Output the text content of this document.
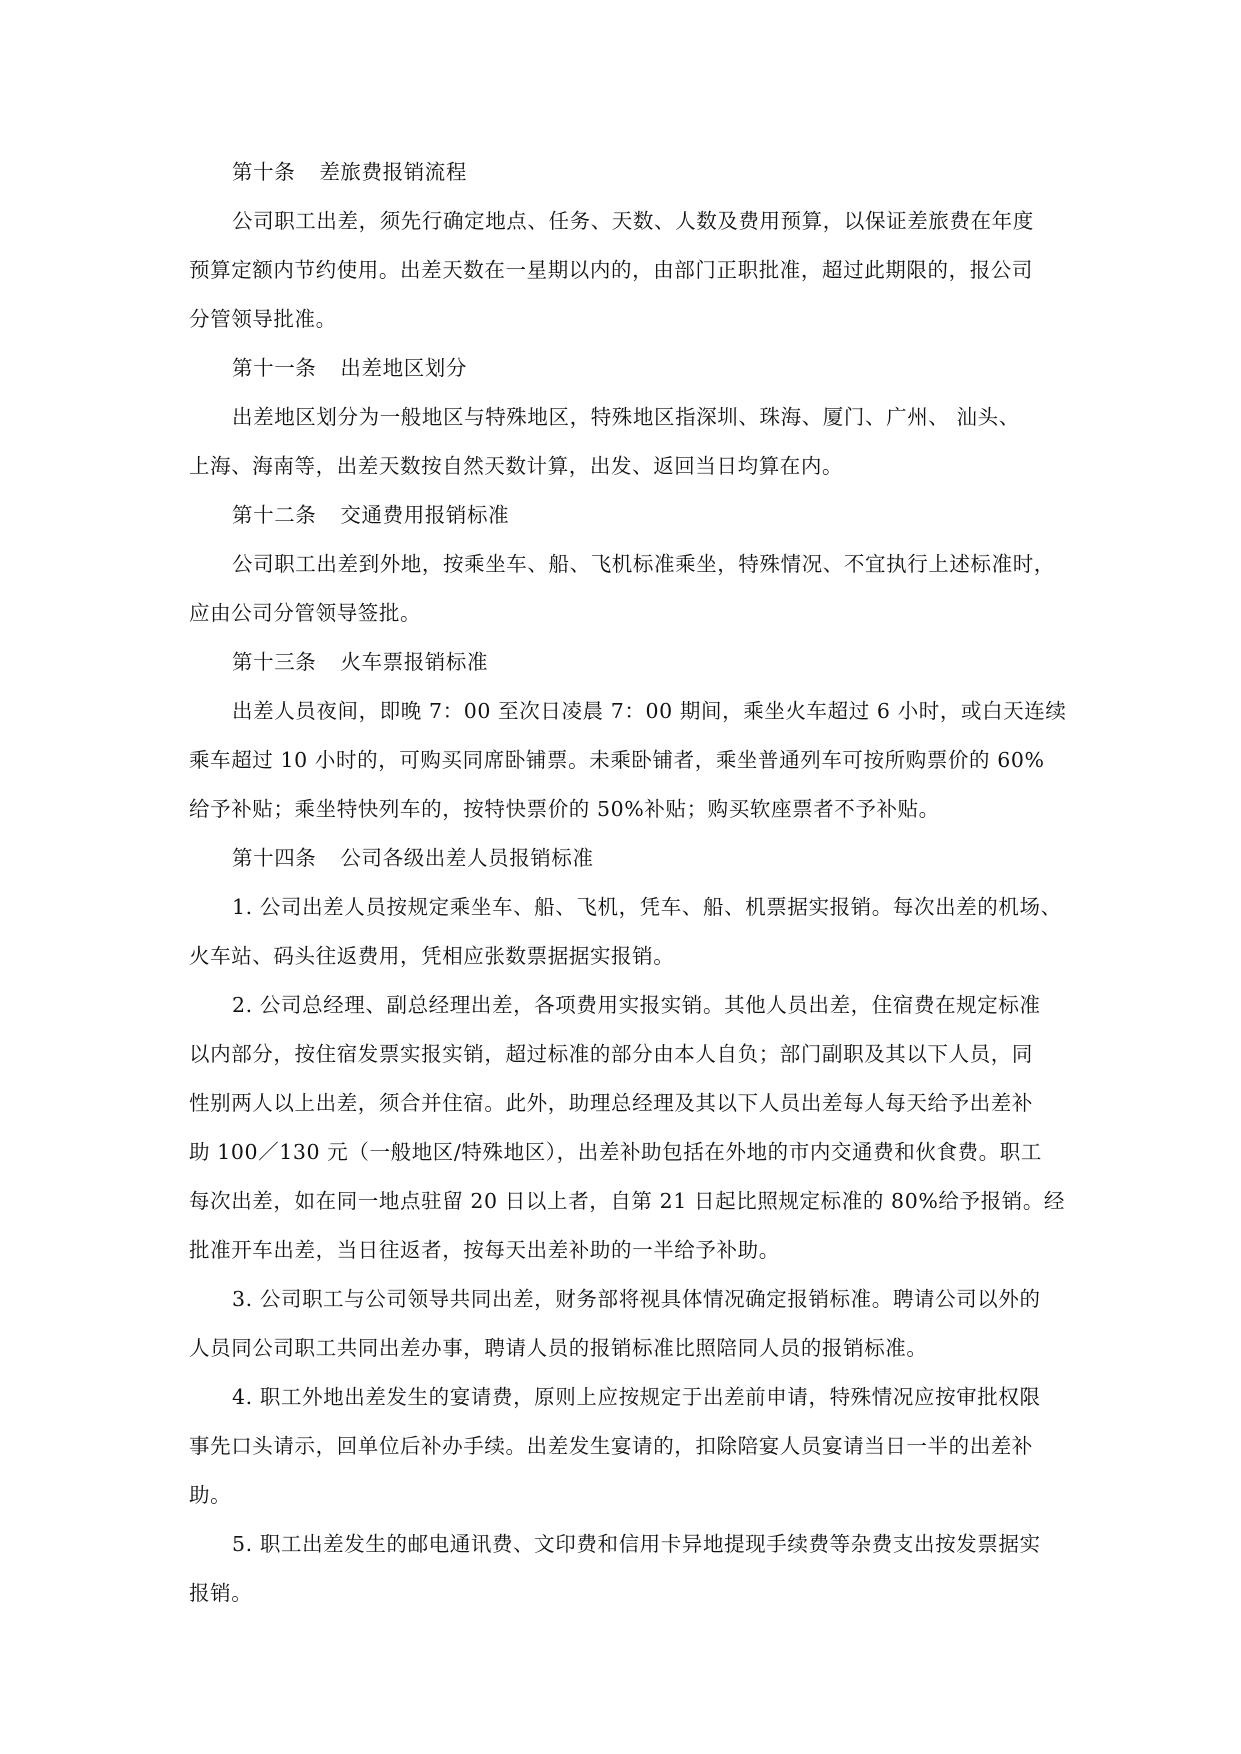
第十条 差旅费报销流程
公司职工出差，须先行确定地点、任务、天数、人数及费用预算，以保证差旅费在年度
预算定额内节约使用。出差天数在一星期以内的，由部门正职批准，超过此期限的，报公司
分管领导批准。
第十一条 出差地区划分
出差地区划分为一般地区与特殊地区，特殊地区指深圳、珠海、厦门、广州、 汕头、
上海、海南等，出差天数按自然天数计算，出发、返回当日均算在内。
第十二条 交通费用报销标准
公司职工出差到外地，按乘坐车、船、飞机标准乘坐，特殊情况、不宜执行上述标准时，
应由公司分管领导签批。
第十三条 火车票报销标准
出差人员夜间，即晚 7：00 至次日凌晨 7：00 期间，乘坐火车超过 6 小时，或白天连续
乘车超过 10 小时的，可购买同席卧铺票。未乘卧铺者，乘坐普通列车可按所购票价的 60%
给予补贴；乘坐特快列车的，按特快票价的 50%补贴；购买软座票者不予补贴。
第十四条 公司各级出差人员报销标准
1. 公司出差人员按规定乘坐车、船、飞机，凭车、船、机票据实报销。每次出差的机场、
火车站、码头往返费用，凭相应张数票据据实报销。
2. 公司总经理、副总经理出差，各项费用实报实销。其他人员出差，住宿费在规定标准
以内部分，按住宿发票实报实销，超过标准的部分由本人自负；部门副职及其以下人员，同
性别两人以上出差，须合并住宿。此外，助理总经理及其以下人员出差每人每天给予出差补
助 100／130 元（一般地区/特殊地区），出差补助包括在外地的市内交通费和伙食费。职工
每次出差，如在同一地点驻留 20 日以上者，自第 21 日起比照规定标准的 80%给予报销。经
批准开车出差，当日往返者，按每天出差补助的一半给予补助。
3. 公司职工与公司领导共同出差，财务部将视具体情况确定报销标准。聘请公司以外的
人员同公司职工共同出差办事，聘请人员的报销标准比照陪同人员的报销标准。
4. 职工外地出差发生的宴请费，原则上应按规定于出差前申请，特殊情况应按审批权限
事先口头请示，回单位后补办手续。出差发生宴请的，扣除陪宴人员宴请当日一半的出差补
助。
5. 职工出差发生的邮电通讯费、文印费和信用卡异地提现手续费等杂费支出按发票据实
报销。
